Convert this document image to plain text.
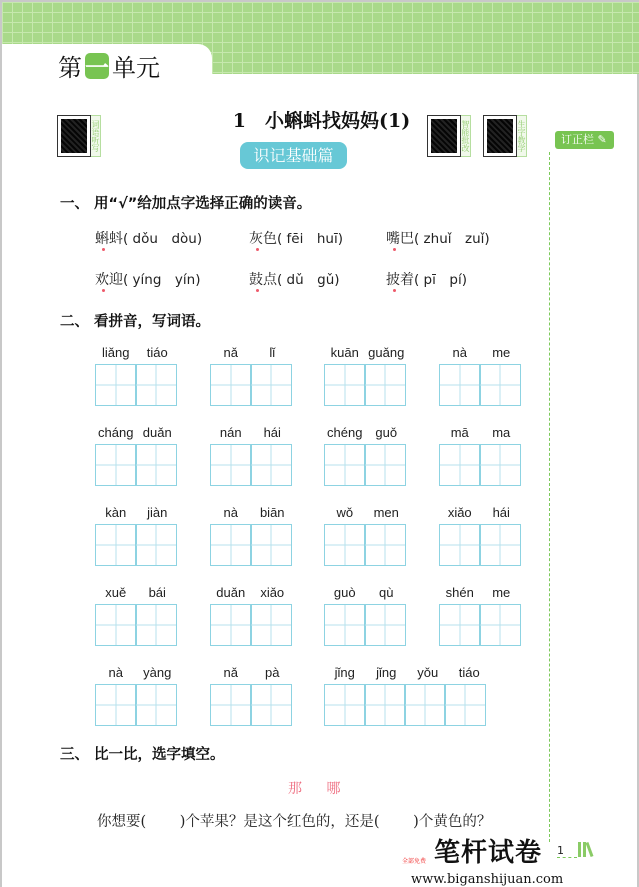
第 一 单元
词语听写	智能批改	生字教学
1　小蝌蚪找妈妈(1)
识记基础篇
订正栏 ✎
一、 用“√”给加点字选择正确的读音。
蝌蚪( dǒu　dòu)	灰色( fēi　huī)	嘴巴( zhuǐ　zuǐ)
欢迎( yíng　yín)	鼓点( dǔ　gǔ)	披着( pī　pí)
二、 看拼音，写词语。
liǎng	tiáo	nǎ	lǐ	kuān guǎng	nà	me
cháng duǎn	nán	hái	chéng guǒ	mā	ma
kàn	jiàn	nà	biān	wǒ	men	xiǎo	hái
xuě	bái	duǎn	xiǎo	guò	qù	shén	me
nà	yàng	nǎ	pà	jǐng	jǐng	yǒu	tiáo
三、 比一比，选字填空。
那 哪
你想要(　　 )个苹果？是这个红色的，还是(　　 )个黄色的？
全部免费 笔杆试卷
www.biganshijuan.com
1
